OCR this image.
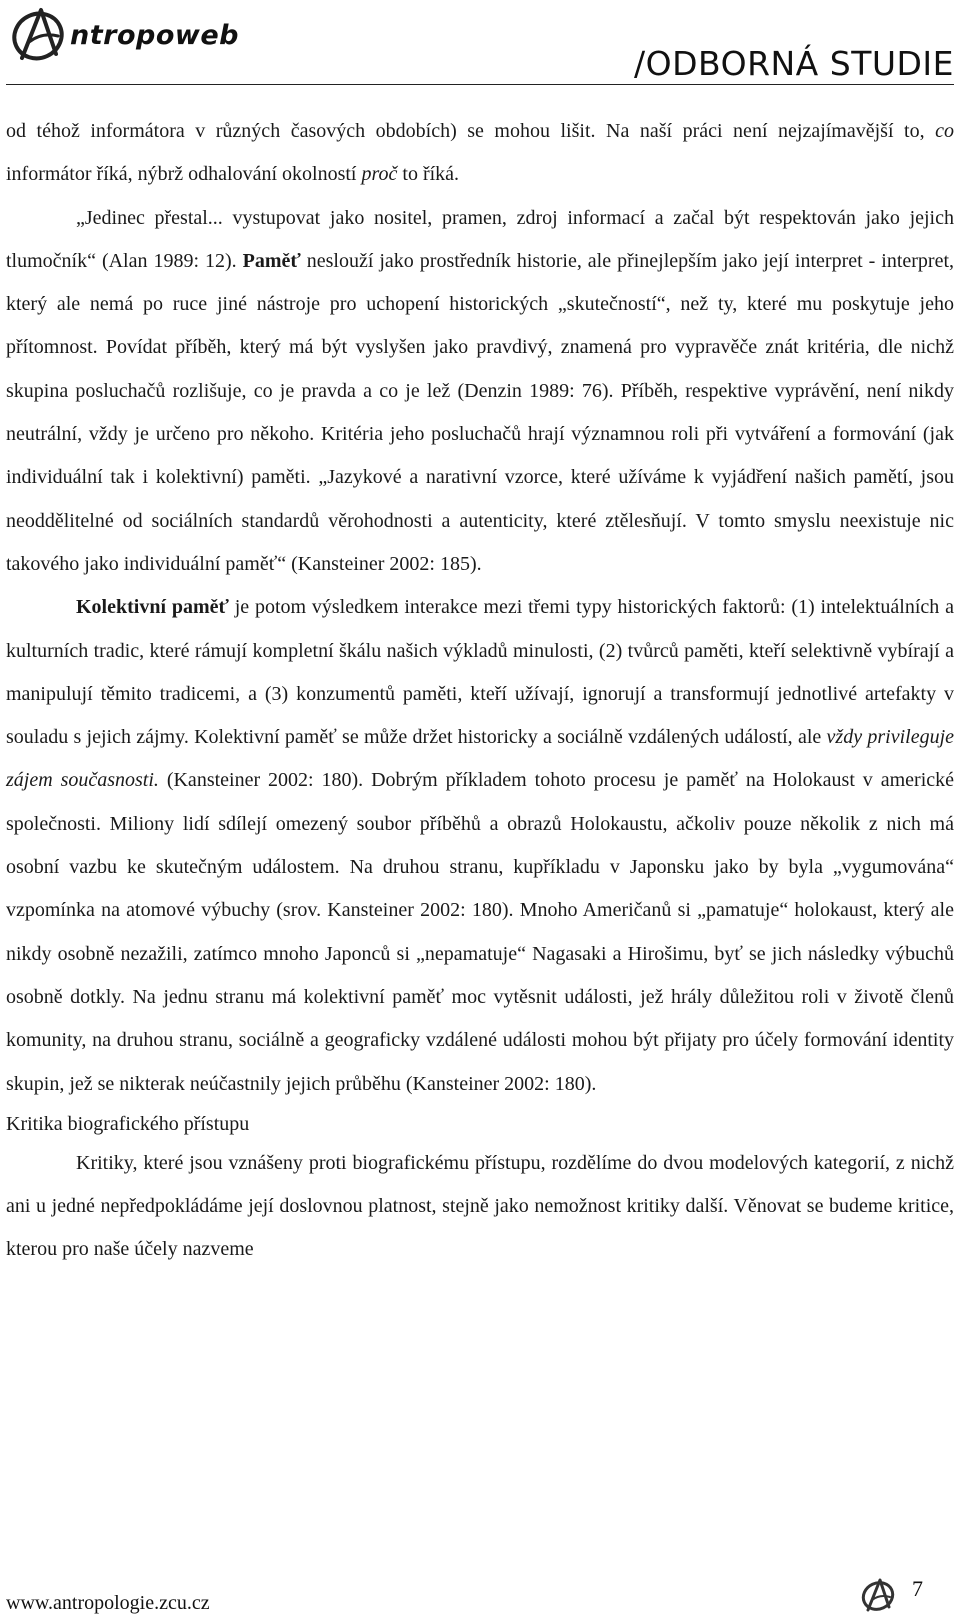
ntropoweb
/ODBORNÁ STUDIE

od téhož informátora v různých časových obdobích) se mohou lišit. Na naší práci není nejzajímavější to, co informátor říká, nýbrž odhalování okolností proč to říká.

„Jedinec přestal... vystupovat jako nositel, pramen, zdroj informací a začal být respektován jako jejich tlumočník“ (Alan 1989: 12). Paměť neslouží jako prostředník historie, ale přinejlepším jako její interpret - interpret, který ale nemá po ruce jiné nástroje pro uchopení historických „skutečností“, než ty, které mu poskytuje jeho přítomnost. Povídat příběh, který má být vyslyšen jako pravdivý, znamená pro vypravěče znát kritéria, dle nichž skupina posluchačů rozlišuje, co je pravda a co je lež (Denzin 1989: 76). Příběh, respektive vyprávění, není nikdy neutrální, vždy je určeno pro někoho. Kritéria jeho posluchačů hrají významnou roli při vytváření a formování (jak individuální tak i kolektivní) paměti. „Jazykové a narativní vzorce, které užíváme k vyjádření našich pamětí, jsou neoddělitelné od sociálních standardů věrohodnosti a autenticity, které ztělesňují. V tomto smyslu neexistuje nic takového jako individuální paměť“ (Kansteiner 2002: 185).

Kolektivní paměť je potom výsledkem interakce mezi třemi typy historických faktorů: (1) intelektuálních a kulturních tradic, které rámují kompletní škálu našich výkladů minulosti, (2) tvůrců paměti, kteří selektivně vybírají a manipulují těmito tradicemi, a (3) konzumentů paměti, kteří užívají, ignorují a transformují jednotlivé artefakty v souladu s jejich zájmy. Kolektivní paměť se může držet historicky a sociálně vzdálených událostí, ale vždy privileguje zájem současnosti. (Kansteiner 2002: 180). Dobrým příkladem tohoto procesu je paměť na Holokaust v americké společnosti. Miliony lidí sdílejí omezený soubor příběhů a obrazů Holokaustu, ačkoliv pouze několik z nich má osobní vazbu ke skutečným událostem. Na druhou stranu, kupříkladu v Japonsku jako by byla „vygumována“ vzpomínka na atomové výbuchy (srov. Kansteiner 2002: 180). Mnoho Američanů si „pamatuje“ holokaust, který ale nikdy osobně nezažili, zatímco mnoho Japonců si „nepamatuje“ Nagasaki a Hirošimu, byť se jich následky výbuchů osobně dotkly. Na jednu stranu má kolektivní paměť moc vytěsnit události, jež hrály důležitou roli v životě členů komunity, na druhou stranu, sociálně a geograficky vzdálené události mohou být přijaty pro účely formování identity skupin, jež se nikterak neúčastnily jejich průběhu (Kansteiner 2002: 180).

Kritika biografického přístupu

Kritiky, které jsou vznášeny proti biografickému přístupu, rozdělíme do dvou modelových kategorií, z nichž ani u jedné nepředpokládáme její doslovnou platnost, stejně jako nemožnost kritiky další. Věnovat se budeme kritice, kterou pro naše účely nazveme

www.antropologie.zcu.cz
7
